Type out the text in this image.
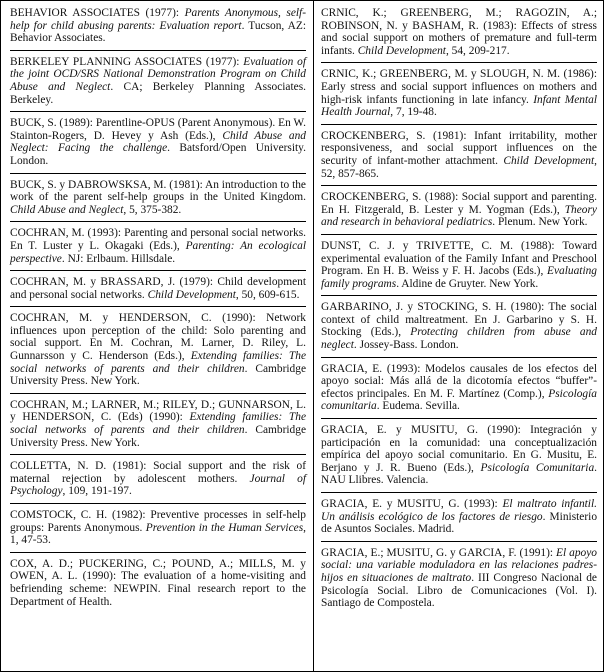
BEHAVIOR ASSOCIATES (1977): Parents Anonymous, self-help for child abusing parents: Evaluation report. Tucson, AZ: Behavior Associates.

BERKELEY PLANNING ASSOCIATES (1977): Evaluation of the joint OCD/SRS National Demonstration Program on Child Abuse and Neglect. CA; Berkeley Planning Associates. Berkeley.

BUCK, S. (1989): Parentline-OPUS (Parent Anonymous). En W. Stainton-Rogers, D. Hevey y Ash (Eds.), Child Abuse and Neglect: Facing the challenge. Batsford/Open University. London.

BUCK, S. y DABROWSKSA, M. (1981): An introduction to the work of the parent self-help groups in the United Kingdom. Child Abuse and Neglect, 5, 375-382.

COCHRAN, M. (1993): Parenting and personal social networks. En T. Luster y L. Okagaki (Eds.), Parenting: An ecological perspective. NJ: Erlbaum. Hillsdale.

COCHRAN, M. y BRASSARD, J. (1979): Child development and personal social networks. Child Development, 50, 609-615.

COCHRAN, M. y HENDERSON, C. (1990): Network influences upon perception of the child: Solo parenting and social support. En M. Cochran, M. Larner, D. Riley, L. Gunnarsson y C. Henderson (Eds.), Extending families: The social networks of parents and their children. Cambridge University Press. New York.

COCHRAN, M.; LARNER, M.; RILEY, D.; GUNNARSON, L. y HENDERSON, C. (Eds) (1990): Extending families: The social networks of parents and their children. Cambridge University Press. New York.

COLLETTA, N. D. (1981): Social support and the risk of maternal rejection by adolescent mothers. Journal of Psychology, 109, 191-197.

COMSTOCK, C. H. (1982): Preventive processes in self-help groups: Parents Anonymous. Prevention in the Human Services, 1, 47-53.

COX, A. D.; PUCKERING, C.; POUND, A.; MILLS, M. y OWEN, A. L. (1990): The evaluation of a home-visiting and befriending scheme: NEWPIN. Final research report to the Department of Health.

CRNIC, K.; GREENBERG, M.; RAGOZIN, A.; ROBINSON, N. y BASHAM, R. (1983): Effects of stress and social support on mothers of premature and full-term infants. Child Development, 54, 209-217.

CRNIC, K.; GREENBERG, M. y SLOUGH, N. M. (1986): Early stress and social support influences on mothers and high-risk infants functioning in late infancy. Infant Mental Health Journal, 7, 19-48.

CROCKENBERG, S. (1981): Infant irritability, mother responsiveness, and social support influences on the security of infant-mother attachment. Child Development, 52, 857-865.

CROCKENBERG, S. (1988): Social support and parenting. En H. Fitzgerald, B. Lester y M. Yogman (Eds.), Theory and research in behavioral pediatrics. Plenum. New York.

DUNST, C. J. y TRIVETTE, C. M. (1988): Toward experimental evaluation of the Family Infant and Preschool Program. En H. B. Weiss y F. H. Jacobs (Eds.), Evaluating family programs. Aldine de Gruyter. New York.

GARBARINO, J. y STOCKING, S. H. (1980): The social context of child maltreatment. En J. Garbarino y S. H. Stocking (Eds.), Protecting children from abuse and neglect. Jossey-Bass. London.

GRACIA, E. (1993): Modelos causales de los efectos del apoyo social: Más allá de la dicotomía efectos “buffer”-efectos principales. En M. F. Martínez (Comp.), Psicología comunitaria. Eudema. Sevilla.

GRACIA, E. y MUSITU, G. (1990): Integración y participación en la comunidad: una conceptualización empírica del apoyo social comunitario. En G. Musitu, E. Berjano y J. R. Bueno (Eds.), Psicología Comunitaria. NAU Llibres. Valencia.

GRACIA, E. y MUSITU, G. (1993): El maltrato infantil. Un análisis ecológico de los factores de riesgo. Ministerio de Asuntos Sociales. Madrid.

GRACIA, E.; MUSITU, G. y GARCIA, F. (1991): El apoyo social: una variable moduladora en las relaciones padres-hijos en situaciones de maltrato. III Congreso Nacional de Psicología Social. Libro de Comunicaciones (Vol. I). Santiago de Compostela.
